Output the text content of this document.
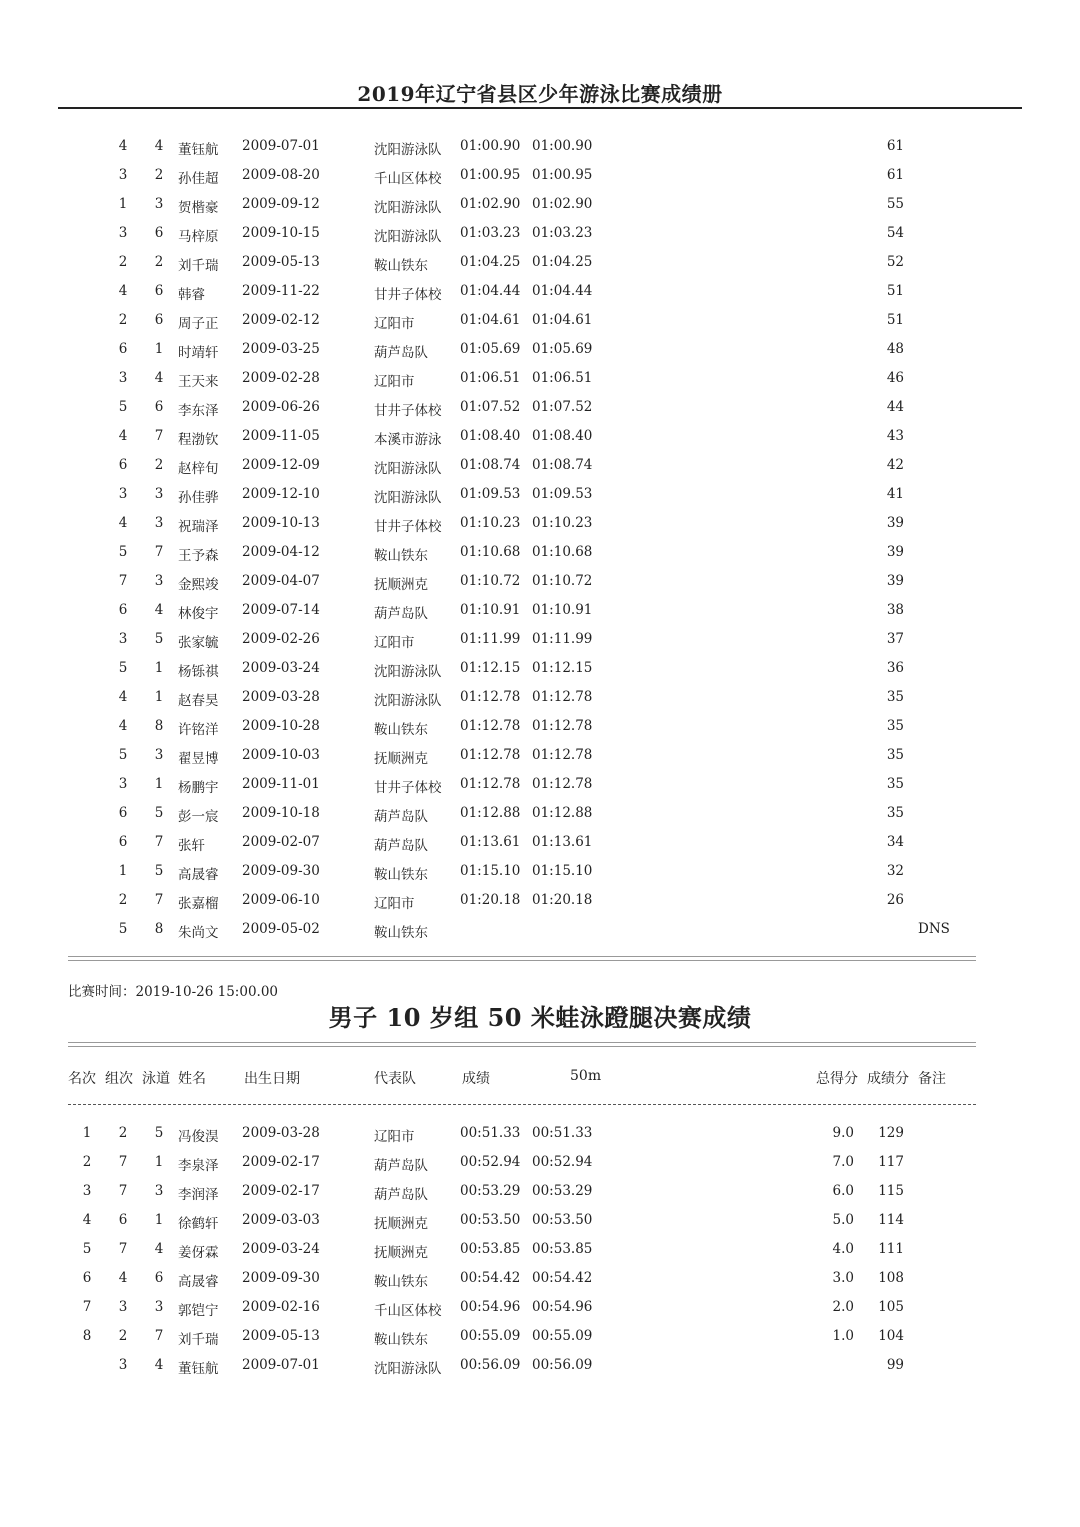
2019年辽宁省县区少年游泳比赛成绩册
4 4 董钰航 2009-07-01	沈阳游泳队 01:00.90 01:00.90	61
3 2 孙佳超 2009-08-20	千山区体校 01:00.95 01:00.95	61
1 3 贺楷豪 2009-09-12	沈阳游泳队 01:02.90 01:02.90	55
3 6 马梓原 2009-10-15	沈阳游泳队 01:03.23 01:03.23	54
2 2 刘千瑞 2009-05-13	鞍山铁东 01:04.25 01:04.25	52
4 6 韩睿	2009-11-22	甘井子体校 01:04.44 01:04.44	51
2 6 周子正 2009-02-12	辽阳市	01:04.61 01:04.61	51
6 1 时靖轩 2009-03-25	葫芦岛队 01:05.69 01:05.69	48
3 4 王天来 2009-02-28	辽阳市	01:06.51 01:06.51	46
5 6 李东泽 2009-06-26	甘井子体校 01:07.52 01:07.52	44
4 7 程渤钦 2009-11-05	本溪市游泳 01:08.40 01:08.40	43
6 2 赵梓旬 2009-12-09	沈阳游泳队 01:08.74 01:08.74	42
3 3 孙佳骅 2009-12-10	沈阳游泳队 01:09.53 01:09.53	41
4 3 祝瑞泽 2009-10-13	甘井子体校 01:10.23 01:10.23	39
5 7 王予森 2009-04-12	鞍山铁东 01:10.68 01:10.68	39
7 3 金熙竣 2009-04-07	抚顺洲克 01:10.72 01:10.72	39
6 4 林俊宇 2009-07-14	葫芦岛队 01:10.91 01:10.91	38
3 5 张家毓 2009-02-26	辽阳市	01:11.99 01:11.99	37
5 1 杨铄祺 2009-03-24	沈阳游泳队 01:12.15 01:12.15	36
4 1 赵春昊 2009-03-28	沈阳游泳队 01:12.78 01:12.78	35
4 8 许铭洋 2009-10-28	鞍山铁东 01:12.78 01:12.78	35
5 3 翟昱博 2009-10-03	抚顺洲克 01:12.78 01:12.78	35
3 1 杨鹏宇 2009-11-01	甘井子体校 01:12.78 01:12.78	35
6 5 彭一宸 2009-10-18	葫芦岛队 01:12.88 01:12.88	35
6 7 张轩	2009-02-07	葫芦岛队 01:13.61 01:13.61	34
1 5 高晟睿 2009-09-30	鞍山铁东 01:15.10 01:15.10	32
2 7 张嘉榴 2009-06-10	辽阳市	01:20.18 01:20.18	26
5 8 朱尚文 2009-05-02	鞍山铁东	DNS
比赛时间：2019-10-26 15:00.00
男子 10 岁组 50 米蛙泳蹬腿决赛成绩
名次 组次 泳道 姓名	出生日期	代表队	成绩	50m	总得分 成绩分 备注
1 2 5 冯俊淏 2009-03-28	辽阳市	00:51.33 00:51.33	9.0	129
2 7 1 李泉泽 2009-02-17	葫芦岛队 00:52.94 00:52.94	7.0	117
3 7 3 李润泽 2009-02-17	葫芦岛队 00:53.29 00:53.29	6.0	115
4 6 1 徐鹤轩 2009-03-03	抚顺洲克 00:53.50 00:53.50	5.0	114
5 7 4 姜伢霖 2009-03-24	抚顺洲克 00:53.85 00:53.85	4.0	111
6 4 6 高晟睿 2009-09-30	鞍山铁东 00:54.42 00:54.42	3.0	108
7 3 3 郭铠宁 2009-02-16	千山区体校 00:54.96 00:54.96	2.0	105
8 2 7 刘千瑞 2009-05-13	鞍山铁东 00:55.09 00:55.09	1.0	104
3 4 董钰航 2009-07-01	沈阳游泳队 00:56.09 00:56.09	99
